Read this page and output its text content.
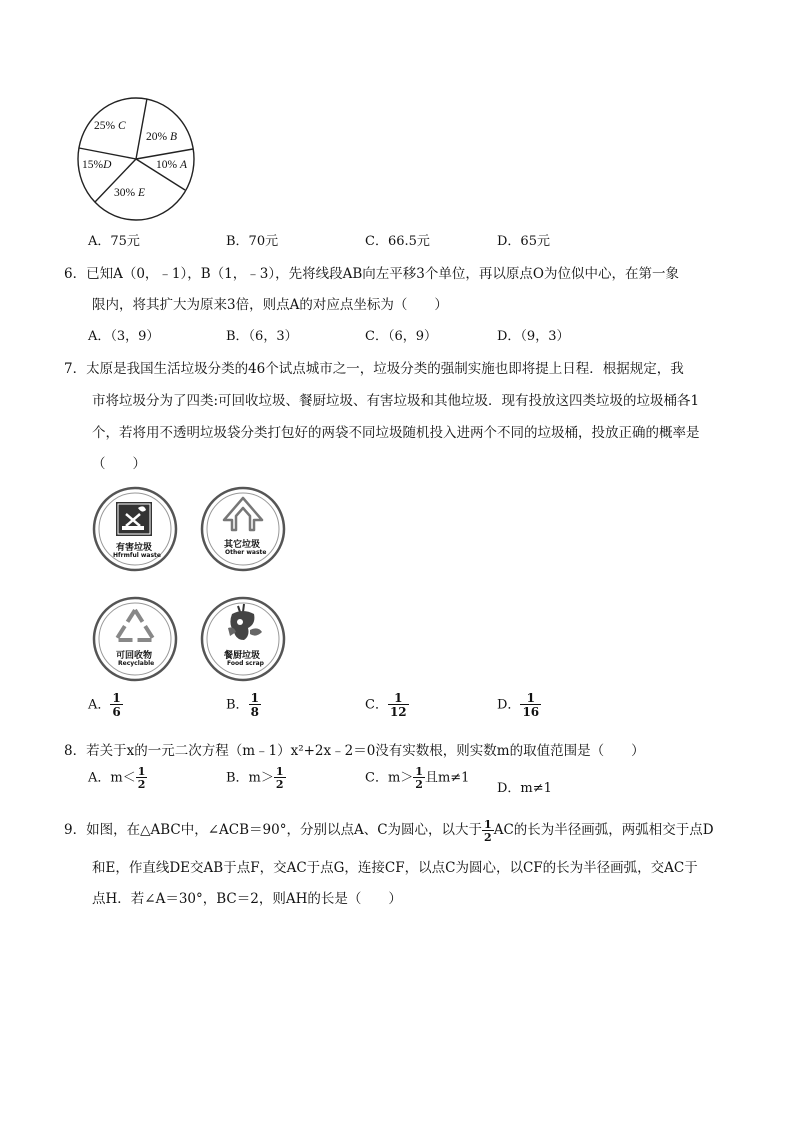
25% C
20% B
10% A
15%D
30% E
A．75元	B．70元	C．66.5元	D．65元
6．已知A（0，﹣1），B（1，﹣3），先将线段AB向左平移3个单位，再以原点O为位似中心，在第一象
限内，将其扩大为原来3倍，则点A的对应点坐标为（　　）
A．（3，9）	B．（6，3）	C．（6，9）	D．（9，3）
7．太原是我国生活垃圾分类的46个试点城市之一，垃圾分类的强制实施也即将提上日程．根据规定，我
市将垃圾分为了四类:可回收垃圾、餐厨垃圾、有害垃圾和其他垃圾．现有投放这四类垃圾的垃圾桶各1
个，若将用不透明垃圾袋分类打包好的两袋不同垃圾随机投入进两个不同的垃圾桶，投放正确的概率是
（　　）
有害垃圾
Hfrmful waste
其它垃圾
Other waste
可回收物
Recyclable
餐厨垃圾
Food scrap
A． $\frac{1}{6}$	B． $\frac{1}{8}$	C． $\frac{1}{12}$	D． $\frac{1}{16}$
8．若关于x的一元二次方程（m﹣1）x²+2x﹣2＝0没有实数根，则实数m的取值范围是（　　）
A．$m< \frac{1}{2}$	B．$m> \frac{1}{2}$	C．$m> \frac{1}{2}$ 且m≠1
D．m≠1
9．如图，在△ABC中，∠ACB＝90°，分别以点A、C为圆心，以大于 $\frac{1}{2}$ AC的长为半径画弧，两弧相交于点D
和E，作直线DE交AB于点F，交AC于点G，连接CF，以点C为圆心，以CF的长为半径画弧，交AC于
点H．若∠A＝30°，BC＝2，则AH的长是（　　）
